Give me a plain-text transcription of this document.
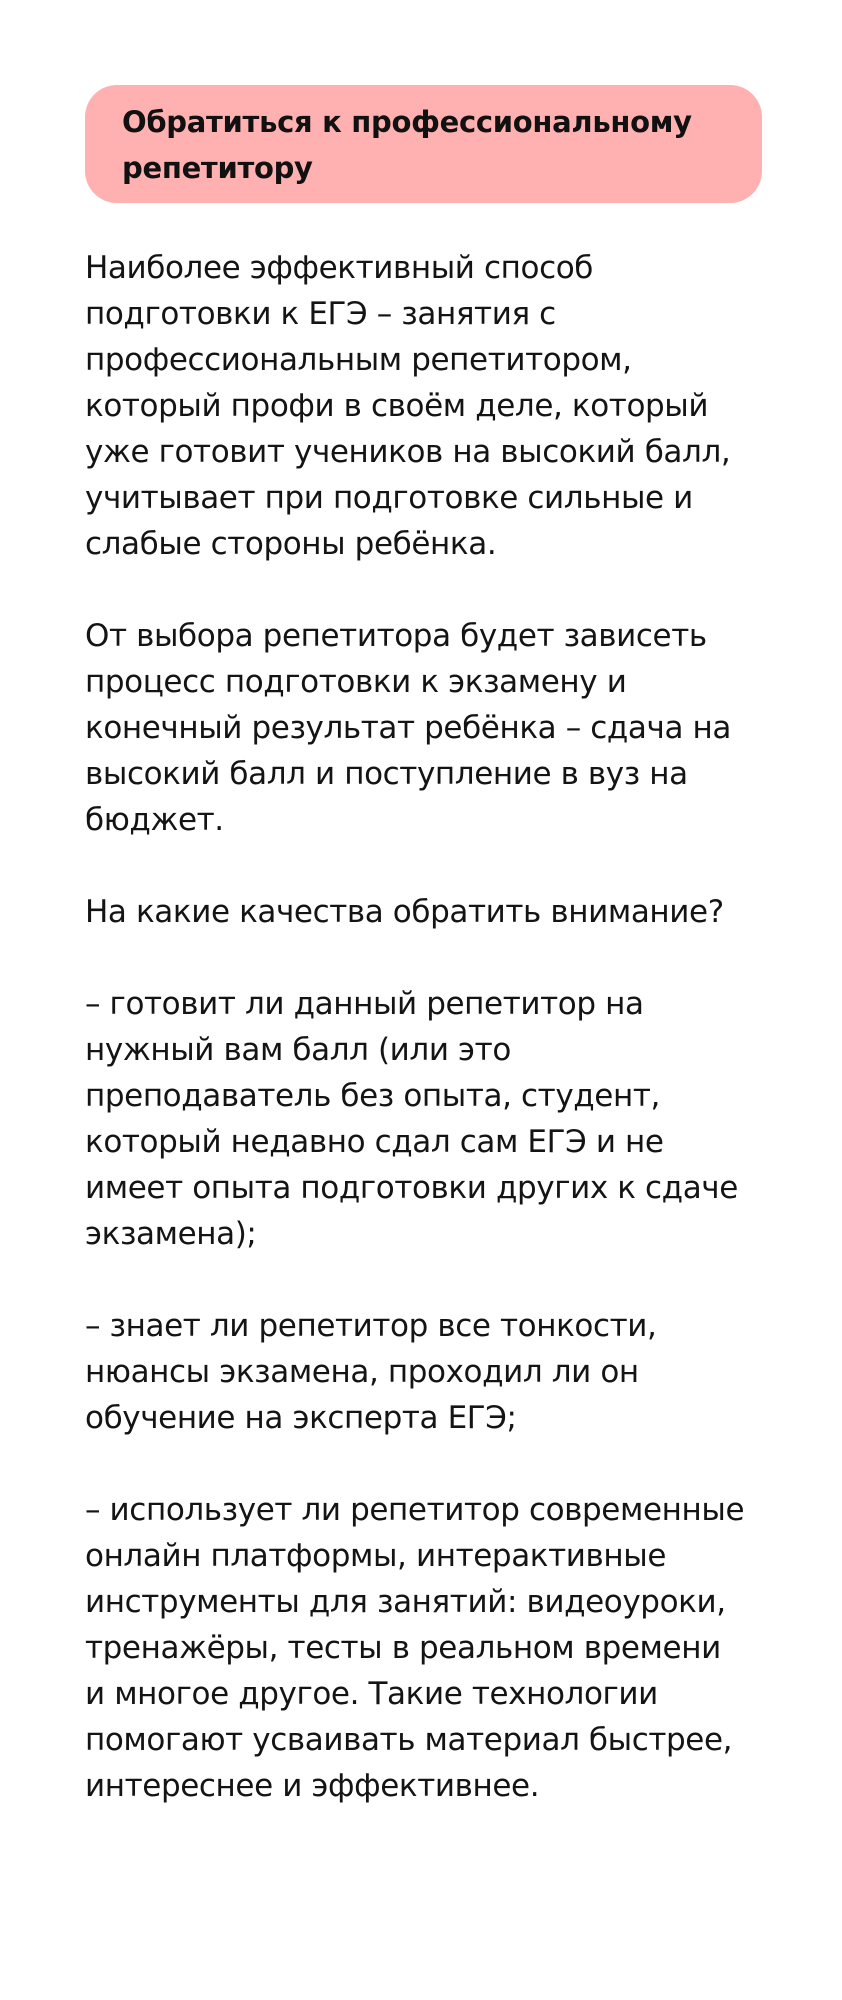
Обратиться к профессиональному
репетитору

Наиболее эффективный способ
подготовки к ЕГЭ – занятия с
профессиональным репетитором,
который профи в своём деле, который
уже готовит учеников на высокий балл,
учитывает при подготовке сильные и
слабые стороны ребёнка.

От выбора репетитора будет зависеть
процесс подготовки к экзамену и
конечный результат ребёнка – сдача на
высокий балл и поступление в вуз на
бюджет.

На какие качества обратить внимание?

– готовит ли данный репетитор на
нужный вам балл (или это
преподаватель без опыта, студент,
который недавно сдал сам ЕГЭ и не
имеет опыта подготовки других к сдаче
экзамена);

– знает ли репетитор все тонкости,
нюансы экзамена, проходил ли он
обучение на эксперта ЕГЭ;

– использует ли репетитор современные
онлайн платформы, интерактивные
инструменты для занятий: видеоуроки,
тренажёры, тесты в реальном времени
и многое другое. Такие технологии
помогают усваивать материал быстрее,
интереснее и эффективнее.
